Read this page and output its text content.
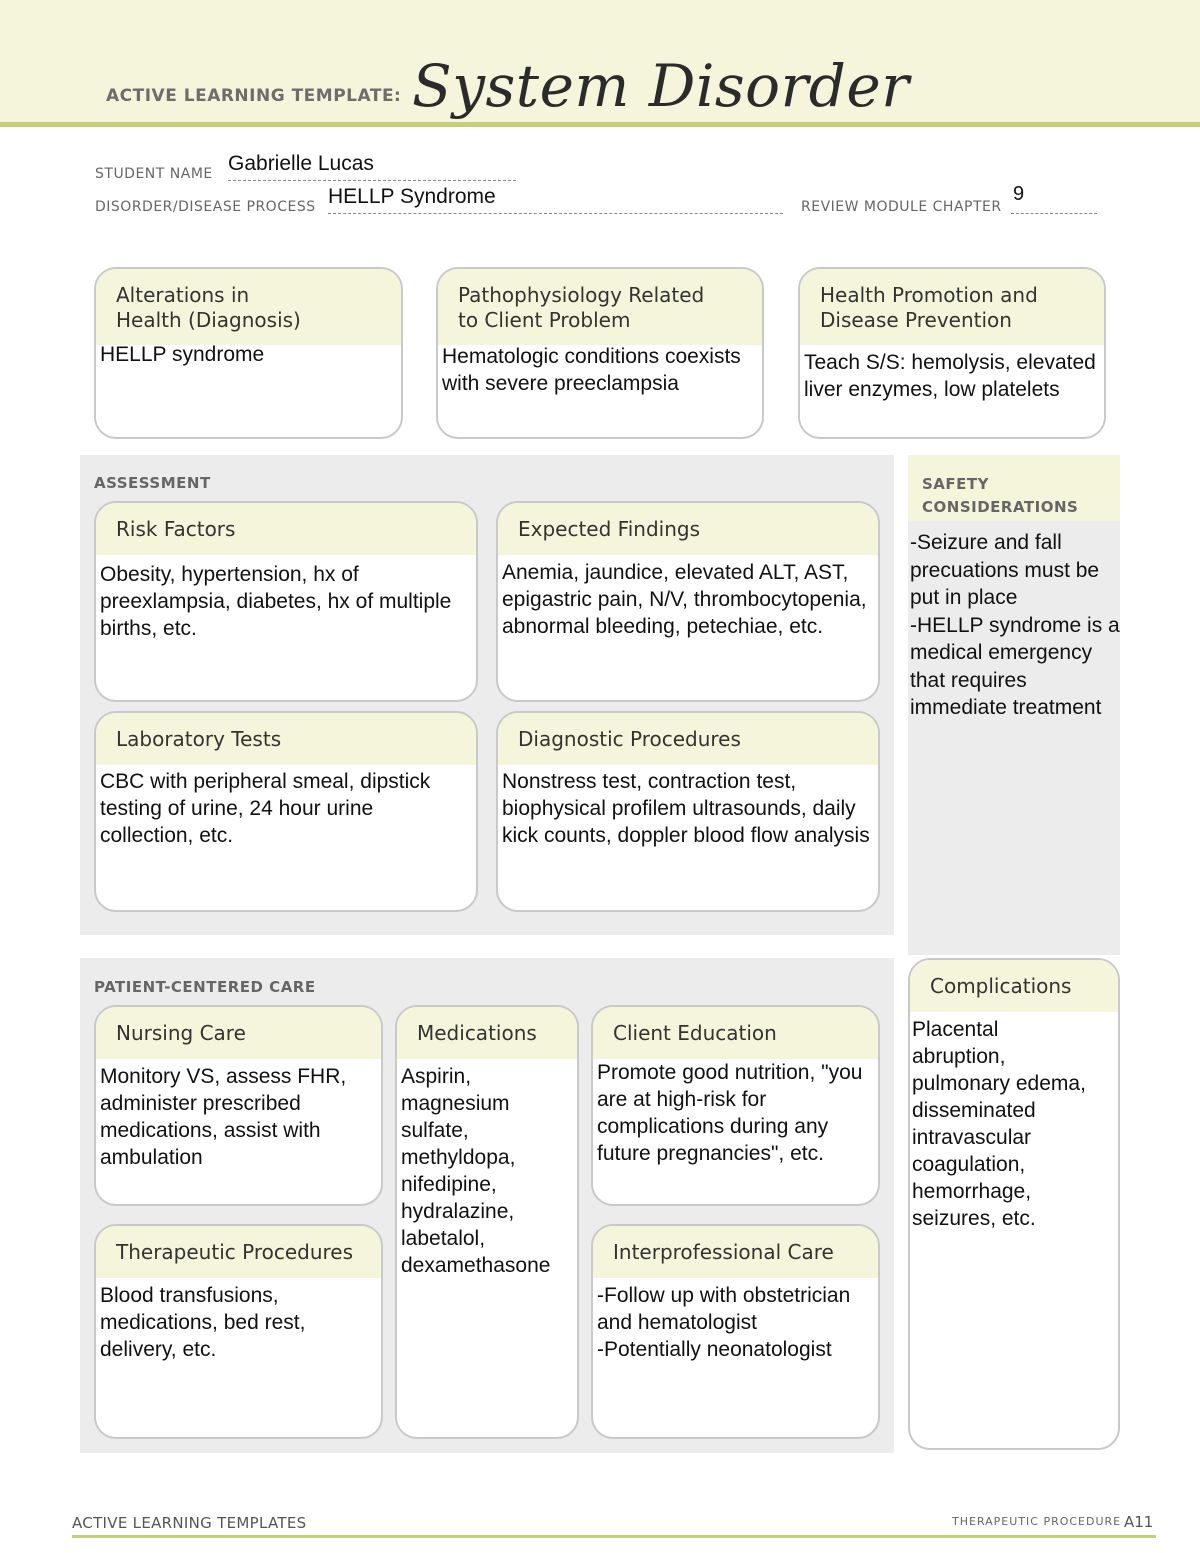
ACTIVE LEARNING TEMPLATE: System Disorder
STUDENT NAME Gabrielle Lucas
DISORDER/DISEASE PROCESS HELLP Syndrome	REVIEW MODULE CHAPTER
9
Alterations in
Health (Diagnosis)
HELLP syndrome
Pathophysiology Related
to Client Problem
Hematologic conditions coexists with severe preeclampsia
Health Promotion and
Disease Prevention
Teach S/S: hemolysis, elevated liver enzymes, low platelets
ASSESSMENT
Risk Factors
Obesity, hypertension, hx of preexlampsia, diabetes, hx of multiple births, etc.
Expected Findings
Anemia, jaundice, elevated ALT, AST, epigastric pain, N/V, thrombocytopenia, abnormal bleeding, petechiae, etc.
Laboratory Tests
CBC with peripheral smeal, dipstick testing of urine, 24 hour urine collection, etc.
Diagnostic Procedures
Nonstress test, contraction test, biophysical profilem ultrasounds, daily kick counts, doppler blood flow analysis
SAFETY
CONSIDERATIONS
-Seizure and fall precuations must be put in place
-HELLP syndrome is a medical emergency that requires immediate treatment
PATIENT-CENTERED CARE
Nursing Care
Monitory VS, assess FHR, administer prescribed medications, assist with ambulation
Medications
Aspirin,
magnesium
sulfate,
methyldopa,
nifedipine,
hydralazine,
labetalol,
dexamethasone
Client Education
Promote good nutrition, "you are at high-risk for complications during any future pregnancies", etc.
Therapeutic Procedures
Blood transfusions, medications, bed rest, delivery, etc.
Interprofessional Care
-Follow up with obstetrician and hematologist
-Potentially neonatologist
Complications
Placental
abruption,
pulmonary edema,
disseminated
intravascular
coagulation,
hemorrhage,
seizures, etc.
ACTIVE LEARNING TEMPLATES	THERAPEUTIC PROCEDURE A11
